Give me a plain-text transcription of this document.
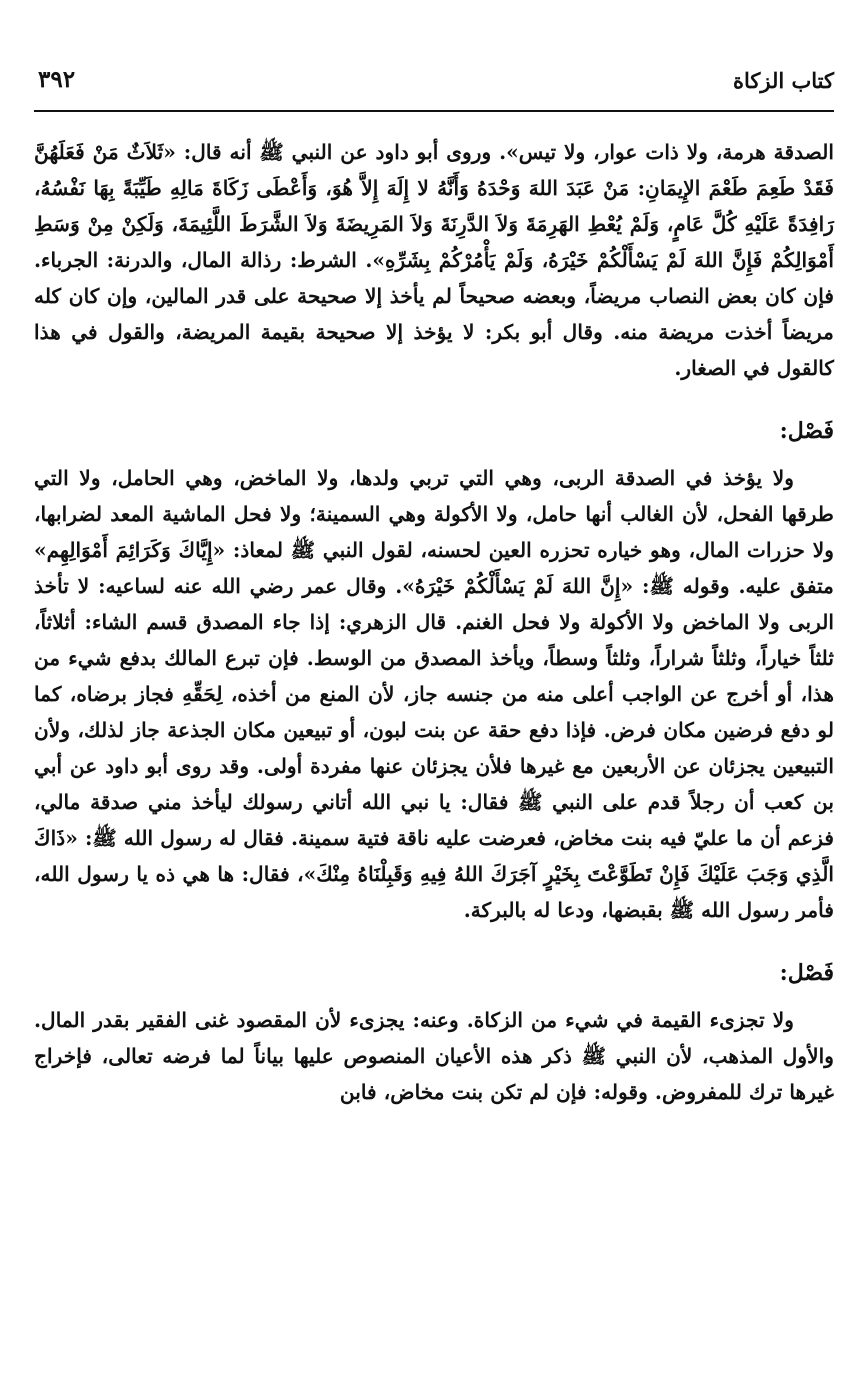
كتاب الزكاة
٣٩٢

الصدقة هرمة، ولا ذات عوار، ولا تيس». وروى أبو داود عن النبي ﷺ أنه قال: «ثَلاَثٌ مَنْ فَعَلَهُنَّ فَقَدْ طَعِمَ طَعْمَ الإِيمَانِ: مَنْ عَبَدَ اللهَ وَحْدَهُ وَأَنَّهُ لا إِلَهَ إِلاَّ هُوَ، وَأَعْطَى زَكَاةَ مَالِهِ طَيِّبَةً بِهَا نَفْسُهُ، رَافِدَةً عَلَيْهِ كُلَّ عَامٍ، وَلَمْ يُعْطِ الهَرِمَةَ وَلاَ الدَّرِنَةَ وَلاَ المَرِيضَةَ وَلاَ الشَّرَطَ اللَّئِيمَةَ، وَلَكِنْ مِنْ وَسَطِ أَمْوَالِكُمْ فَإِنَّ اللهَ لَمْ يَسْأَلْكُمْ خَيْرَهُ، وَلَمْ يَأْمُرْكُمْ بِشَرِّهِ». الشرط: رذالة المال، والدرنة: الجرباء. فإن كان بعض النصاب مريضاً، وبعضه صحيحاً لم يأخذ إلا صحيحة على قدر المالين، وإن كان كله مريضاً أخذت مريضة منه. وقال أبو بكر: لا يؤخذ إلا صحيحة بقيمة المريضة، والقول في هذا كالقول في الصغار.

فَصْل:

ولا يؤخذ في الصدقة الربى، وهي التي تربي ولدها، ولا الماخض، وهي الحامل، ولا التي طرقها الفحل، لأن الغالب أنها حامل، ولا الأكولة وهي السمينة؛ ولا فحل الماشية المعد لضرابها، ولا حزرات المال، وهو خياره تحزره العين لحسنه، لقول النبي ﷺ لمعاذ: «إِيَّاكَ وَكَرَائِمَ أَمْوَالِهِم» متفق عليه. وقوله ﷺ: «إِنَّ اللهَ لَمْ يَسْأَلْكُمْ خَيْرَهُ». وقال عمر رضي الله عنه لساعيه: لا تأخذ الربى ولا الماخض ولا الأكولة ولا فحل الغنم. قال الزهري: إذا جاء المصدق قسم الشاء: أثلاثاً، ثلثاً خياراً، وثلثاً شراراً، وثلثاً وسطاً، ويأخذ المصدق من الوسط. فإن تبرع المالك بدفع شيء من هذا، أو أخرج عن الواجب أعلى منه من جنسه جاز، لأن المنع من أخذه، لِحَقِّهِ فجاز برضاه، كما لو دفع فرضين مكان فرض. فإذا دفع حقة عن بنت لبون، أو تبيعين مكان الجذعة جاز لذلك، ولأن التبيعين يجزئان عن الأربعين مع غيرها فلأن يجزئان عنها مفردة أولى. وقد روى أبو داود عن أبي بن كعب أن رجلاً قدم على النبي ﷺ فقال: يا نبي الله أتاني رسولك ليأخذ مني صدقة مالي، فزعم أن ما عليّ فيه بنت مخاض، فعرضت عليه ناقة فتية سمينة. فقال له رسول الله ﷺ: «ذَاكَ الَّذِي وَجَبَ عَلَيْكَ فَإِنْ تَطَوَّعْتَ بِخَيْرٍ آجَرَكَ اللهُ فِيهِ وَقَبِلْنَاهُ مِنْكَ»، فقال: ها هي ذه يا رسول الله، فأمر رسول الله ﷺ بقبضها، ودعا له بالبركة.

فَصْل:

ولا تجزىء القيمة في شيء من الزكاة. وعنه: يجزىء لأن المقصود غنى الفقير بقدر المال. والأول المذهب، لأن النبي ﷺ ذكر هذه الأعيان المنصوص عليها بياناً لما فرضه تعالى، فإخراج غيرها ترك للمفروض. وقوله: فإن لم تكن بنت مخاض، فابن
